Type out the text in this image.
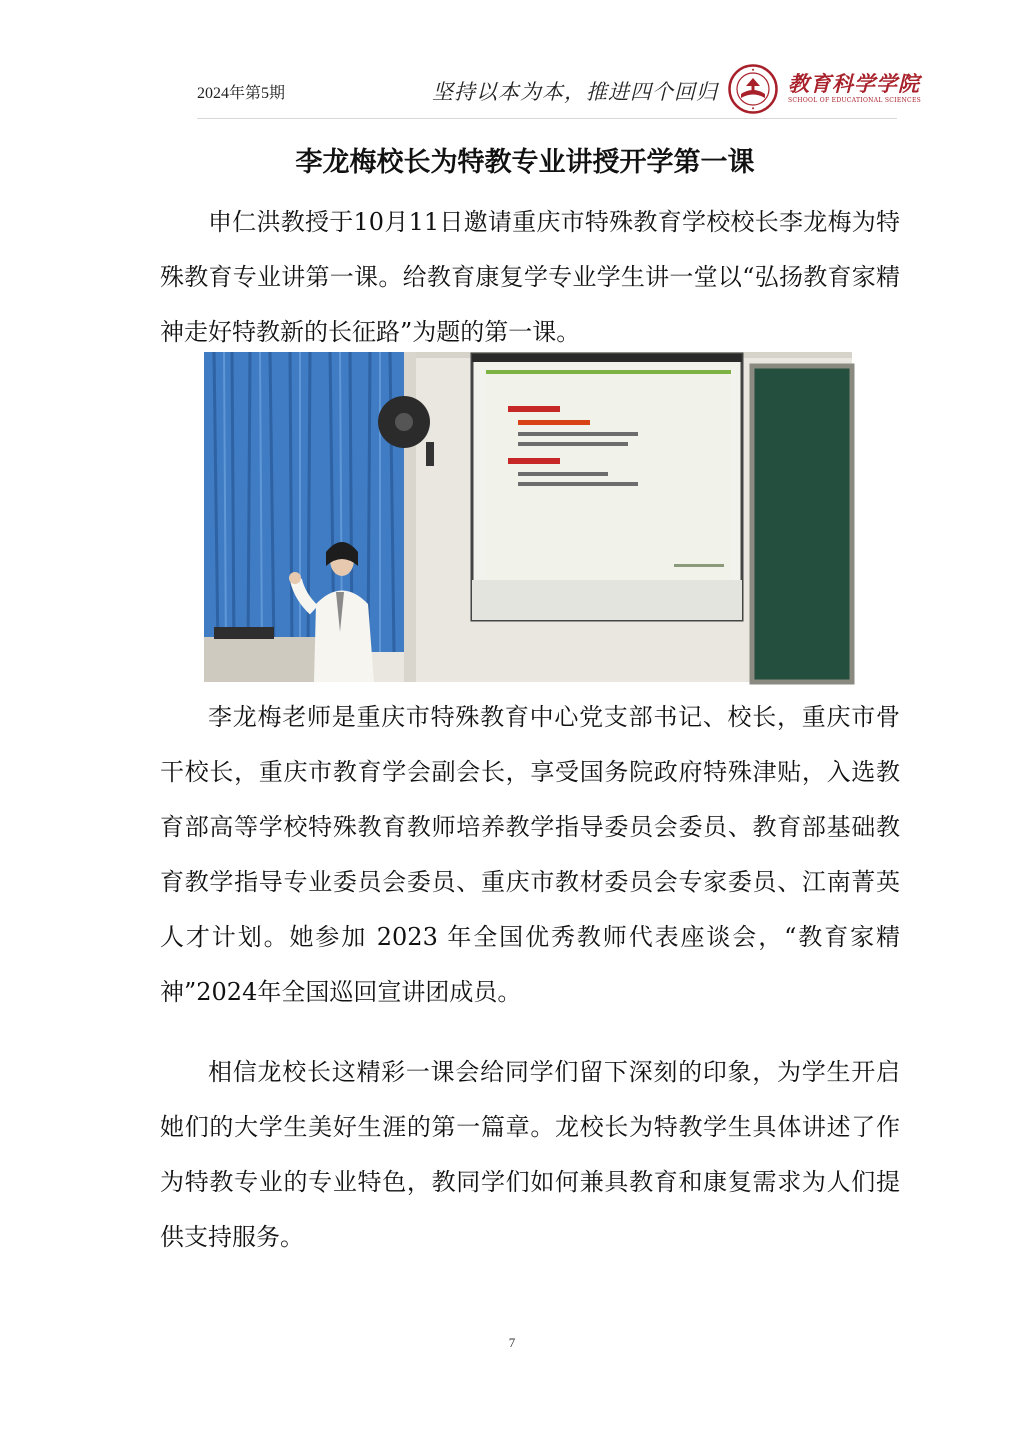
2024年第5期	坚持以本为本，推进四个回归	教育科学学院
SCHOOL OF EDUCATIONAL SCIENCES
李龙梅校长为特教专业讲授开学第一课

申仁洪教授于10月11日邀请重庆市特殊教育学校校长李龙梅为特殊教育专业讲第一课。给教育康复学专业学生讲一堂以“弘扬教育家精神走好特教新的长征路”为题的第一课。

李龙梅老师是重庆市特殊教育中心党支部书记、校长，重庆市骨干校长，重庆市教育学会副会长，享受国务院政府特殊津贴，入选教育部高等学校特殊教育教师培养教学指导委员会委员、教育部基础教育教学指导专业委员会委员、重庆市教材委员会专家委员、江南菁英人才计划。她参加 2023 年全国优秀教师代表座谈会，“教育家精神”2024年全国巡回宣讲团成员。

相信龙校长这精彩一课会给同学们留下深刻的印象，为学生开启她们的大学生美好生涯的第一篇章。龙校长为特教学生具体讲述了作为特教专业的专业特色，教同学们如何兼具教育和康复需求为人们提供支持服务。

7
